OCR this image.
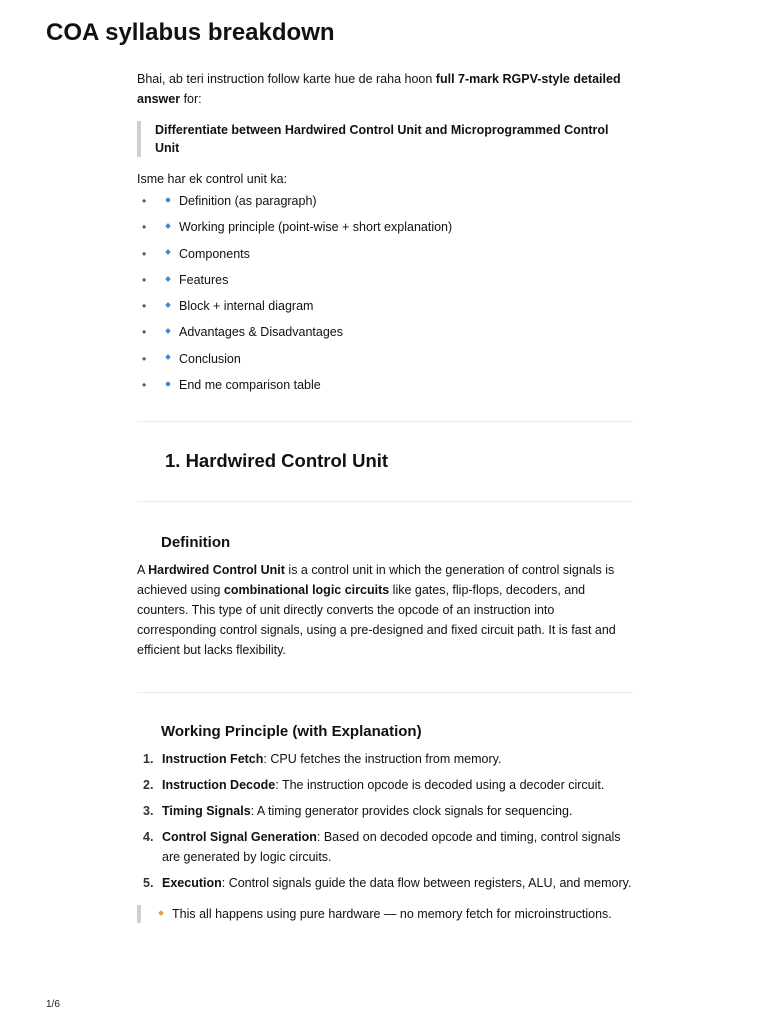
COA syllabus breakdown

Bhai, ab teri instruction follow karte hue de raha hoon full 7-mark RGPV-style detailed answer for:

Differentiate between Hardwired Control Unit and Microprogrammed Control Unit

Isme har ek control unit ka:

• Definition (as paragraph)
• Working principle (point-wise + short explanation)
• Components
• Features
• Block + internal diagram
• Advantages & Disadvantages
• Conclusion
• End me comparison table
1. Hardwired Control Unit
Definition

A Hardwired Control Unit is a control unit in which the generation of control signals is achieved using combinational logic circuits like gates, flip-flops, decoders, and counters. This type of unit directly converts the opcode of an instruction into corresponding control signals, using a pre-designed and fixed circuit path. It is fast and efficient but lacks flexibility.

Working Principle (with Explanation)
1. Instruction Fetch: CPU fetches the instruction from memory.
2. Instruction Decode: The instruction opcode is decoded using a decoder circuit.
3. Timing Signals: A timing generator provides clock signals for sequencing.
4. Control Signal Generation: Based on decoded opcode and timing, control signals are generated by logic circuits.
5. Execution: Control signals guide the data flow between registers, ALU, and memory.
This all happens using pure hardware — no memory fetch for microinstructions.
1/6
